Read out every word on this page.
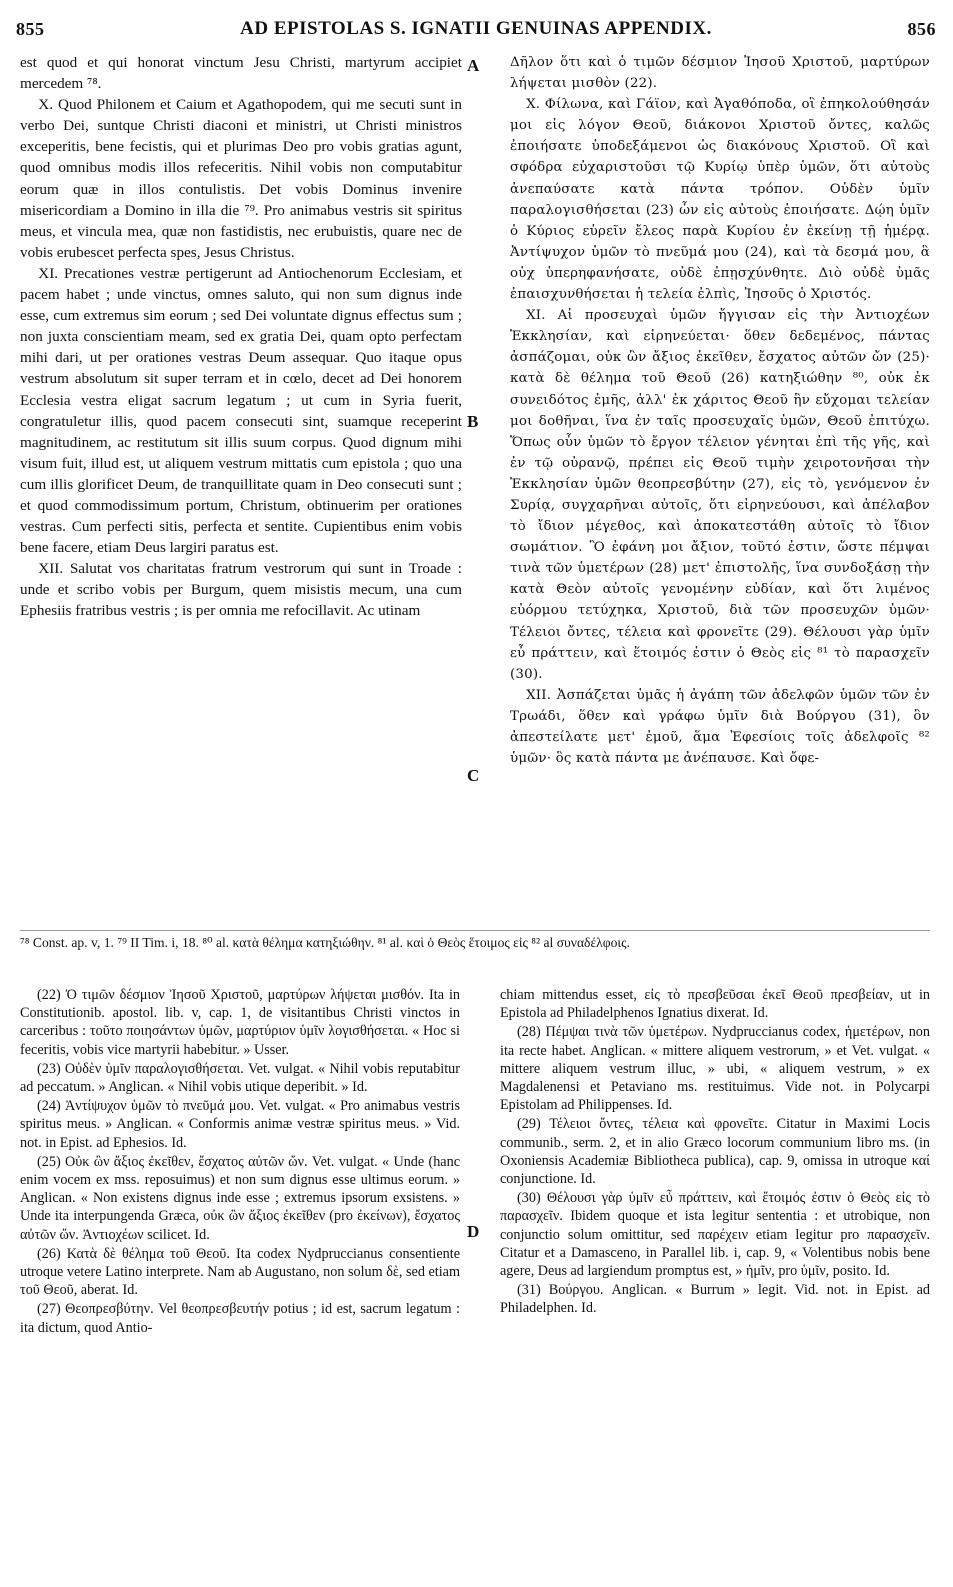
855	AD EPISTOLAS S. IGNATII GENUINAS APPENDIX.	856

est quod et qui honorat vinctum Jesu Christi, martyrum accipiet mercedem ⁷⁸.

X. Quod Philonem et Caium et Agathopodem, qui me secuti sunt in verbo Dei, suntque Christi diaconi et ministri, ut Christi ministros exceperitis, bene fecistis, qui et plurimas Deo pro vobis gratias agunt, quod omnibus modis illos refeceritis. Nihil vobis non computabitur eorum quæ in illos contulistis. Det vobis Dominus invenire misericordiam a Domino in illa die ⁷⁹. Pro animabus vestris sit spiritus meus, et vincula mea, quæ non fastidistis, nec erubuistis, quare nec de vobis erubescet perfecta spes, Jesus Christus.

XI. Precationes vestræ pertigerunt ad Antiochenorum Ecclesiam, et pacem habet ; unde vinctus, omnes saluto, qui non sum dignus inde esse, cum extremus sim eorum ; sed Dei voluntate dignus effectus sum ; non juxta conscientiam meam, sed ex gratia Dei, quam opto perfectam mihi dari, ut per orationes vestras Deum assequar. Quo itaque opus vestrum absolutum sit super terram et in cœlo, decet ad Dei honorem Ecclesia vestra eligat sacrum legatum ; ut cum in Syria fuerit, congratuletur illis, quod pacem consecuti sint, suamque receperint magnitudinem, ac restitutum sit illis suum corpus. Quod dignum mihi visum fuit, illud est, ut aliquem vestrum mittatis cum epistola ; quo una cum illis glorificet Deum, de tranquillitate quam in Deo consecuti sunt ; et quod commodissimum portum, Christum, obtinuerim per orationes vestras. Cum perfecti sitis, perfecta et sentite. Cupientibus enim vobis bene facere, etiam Deus largiri paratus est.

XII. Salutat vos charitatas fratrum vestrorum qui sunt in Troade : unde et scribo vobis per Burgum, quem misistis mecum, una cum Ephesiis fratribus vestris ; is per omnia me refocillavit. Ac utinam

A
B
C
D

Δῆλον ὅτι καὶ ὁ τιμῶν δέσμιον Ἰησοῦ Χριστοῦ, μαρτύρων λήψεται μισθὸν (22).

X. Φίλωνα, καὶ Γάϊον, καὶ Ἀγαθόποδα, οἳ ἐπηκολούθησάν μοι εἰς λόγον Θεοῦ, διάκονοι Χριστοῦ ὄντες, καλῶς ἐποιήσατε ὑποδεξάμενοι ὡς διακόνους Χριστοῦ. Οἳ καὶ σφόδρα εὐχαριστοῦσι τῷ Κυρίῳ ὑπὲρ ὑμῶν, ὅτι αὐτοὺς ἀνεπαύσατε κατὰ πάντα τρόπον. Οὐδὲν ὑμῖν παραλογισθήσεται (23) ὧν εἰς αὐτοὺς ἐποιήσατε. Δῴη ὑμῖν ὁ Κύριος εὑρεῖν ἔλεος παρὰ Κυρίου ἐν ἐκείνῃ τῇ ἡμέρᾳ. Ἀντίψυχον ὑμῶν τὸ πνεῦμά μου (24), καὶ τὰ δεσμά μου, ἃ οὐχ ὑπερηφανήσατε, οὐδὲ ἐπῃσχύνθητε. Διὸ οὐδὲ ὑμᾶς ἐπαισχυνθήσεται ἡ τελεία ἐλπὶς, Ἰησοῦς ὁ Χριστός.

XI. Αἱ προσευχαὶ ὑμῶν ἤγγισαν εἰς τὴν Ἀντιοχέων Ἐκκλησίαν, καὶ εἰρηνεύεται· ὅθεν δεδεμένος, πάντας ἀσπάζομαι, οὐκ ὢν ἄξιος ἐκεῖθεν, ἔσχατος αὐτῶν ὤν (25)· κατὰ δὲ θέλημα τοῦ Θεοῦ (26) κατηξιώθην ⁸⁰, οὐκ ἐκ συνειδότος ἐμῆς, ἀλλ' ἐκ χάριτος Θεοῦ ἣν εὔχομαι τελείαν μοι δοθῆναι, ἵνα ἐν ταῖς προσευχαῖς ὑμῶν, Θεοῦ ἐπιτύχω. Ὅπως οὖν ὑμῶν τὸ ἔργον τέλειον γένηται ἐπὶ τῆς γῆς, καὶ ἐν τῷ οὐρανῷ, πρέπει εἰς Θεοῦ τιμὴν χειροτονῆσαι τὴν Ἐκκλησίαν ὑμῶν θεοπρεσβύτην (27), εἰς τὸ, γενόμενον ἐν Συρίᾳ, συγχαρῆναι αὐτοῖς, ὅτι εἰρηνεύουσι, καὶ ἀπέλαβον τὸ ἴδιον μέγεθος, καὶ ἀποκατεστάθη αὐτοῖς τὸ ἴδιον σωμάτιον. Ὃ ἐφάνη μοι ἄξιον, τοῦτό ἐστιν, ὥστε πέμψαι τινὰ τῶν ὑμετέρων (28) μετ' ἐπιστολῆς, ἵνα συνδοξάσῃ τὴν κατὰ Θεὸν αὐτοῖς γενομένην εὐδίαν, καὶ ὅτι λιμένος εὐόρμου τετύχηκα, Χριστοῦ, διὰ τῶν προσευχῶν ὑμῶν· Τέλειοι ὄντες, τέλεια καὶ φρονεῖτε (29). Θέλουσι γὰρ ὑμῖν εὖ πράττειν, καὶ ἕτοιμός ἐστιν ὁ Θεὸς εἰς ⁸¹ τὸ παρασχεῖν (30).

XII. Ἀσπάζεται ὑμᾶς ἡ ἀγάπη τῶν ἀδελφῶν ὑμῶν τῶν ἐν Τρωάδι, ὅθεν καὶ γράφω ὑμῖν διὰ Βούργου (31), ὃν ἀπεστείλατε μετ' ἐμοῦ, ἅμα Ἐφεσίοις τοῖς ἀδελφοῖς ⁸² ὑμῶν· ὃς κατὰ πάντα με ἀνέπαυσε. Καὶ ὄφε-

⁷⁸ Const. ap. v, 1. ⁷⁹ II Tim. i, 18. ⁸⁰ al. κατὰ θέλημα κατηξιώθην. ⁸¹ al. καὶ ὁ Θεὸς ἕτοιμος εἰς ⁸² al συναδέλφοις.

(22) Ὁ τιμῶν δέσμιον Ἰησοῦ Χριστοῦ, μαρτύρων λήψεται μισθόν. Ita in Constitutionib. apostol. lib. v, cap. 1, de visitantibus Christi vinctos in carceribus : τοῦτο ποιησάντων ὑμῶν, μαρτύριον ὑμῖν λογισθήσεται. « Hoc si feceritis, vobis vice martyrii habebitur. » Usser.

(23) Οὐδὲν ὑμῖν παραλογισθήσεται. Vet. vulgat. « Nihil vobis reputabitur ad peccatum. » Anglican. « Nihil vobis utique deperibit. » Id.

(24) Ἀντίψυχον ὑμῶν τὸ πνεῦμά μου. Vet. vulgat. « Pro animabus vestris spiritus meus. » Anglican. « Conformis animæ vestræ spiritus meus. » Vid. not. in Epist. ad Ephesios. Id.

(25) Οὐκ ὢν ἄξιος ἐκεῖθεν, ἔσχατος αὐτῶν ὤν. Vet. vulgat. « Unde (hanc enim vocem ex mss. reposuimus) et non sum dignus esse ultimus eorum. » Anglican. « Non existens dignus inde esse ; extremus ipsorum exsistens. » Unde ita interpungenda Græca, οὐκ ὢν ἄξιος ἐκεῖθεν (pro ἐκείνων), ἔσχατος αὐτῶν ὤν. Ἀντιοχέων scilicet. Id.

(26) Κατὰ δὲ θέλημα τοῦ Θεοῦ. Ita codex Nydpruccianus consentiente utroque vetere Latino interprete. Nam ab Augustano, non solum δὲ, sed etiam τοῦ Θεοῦ, aberat. Id.

(27) Θεοπρεσβύτην. Vel θεοπρεσβευτήν potius ; id est, sacrum legatum : ita dictum, quod Antio-

chiam mittendus esset, εἰς τὸ πρεσβεῦσαι ἐκεῖ Θεοῦ πρεσβείαν, ut in Epistola ad Philadelphenos Ignatius dixerat. Id.

(28) Πέμψαι τινὰ τῶν ὑμετέρων. Nydpruccianus codex, ἡμετέρων, non ita recte habet. Anglican. « mittere aliquem vestrorum, » et Vet. vulgat. « mittere aliquem vestrum illuc, » ubi, « aliquem vestrum, » ex Magdalenensi et Petaviano ms. restituimus. Vide not. in Polycarpi Epistolam ad Philippenses. Id.

(29) Τέλειοι ὄντες, τέλεια καὶ φρονεῖτε. Citatur in Maximi Locis communib., serm. 2, et in alio Græco locorum communium libro ms. (in Oxoniensis Academiæ Bibliotheca publica), cap. 9, omissa in utroque καί conjunctione. Id.

(30) Θέλουσι γὰρ ὑμῖν εὖ πράττειν, καὶ ἕτοιμός ἐστιν ὁ Θεὸς εἰς τὸ παρασχεῖν. Ibidem quoque et ista legitur sententia : et utrobique, non conjunctio solum omittitur, sed παρέχειν etiam legitur pro παρασχεῖν. Citatur et a Damasceno, in Parallel lib. i, cap. 9, « Volentibus nobis bene agere, Deus ad largiendum promptus est, » ἡμῖν, pro ὑμῖν, posito. Id.

(31) Βούργου. Anglican. « Burrum » legit. Vid. not. in Epist. ad Philadelphen. Id.
